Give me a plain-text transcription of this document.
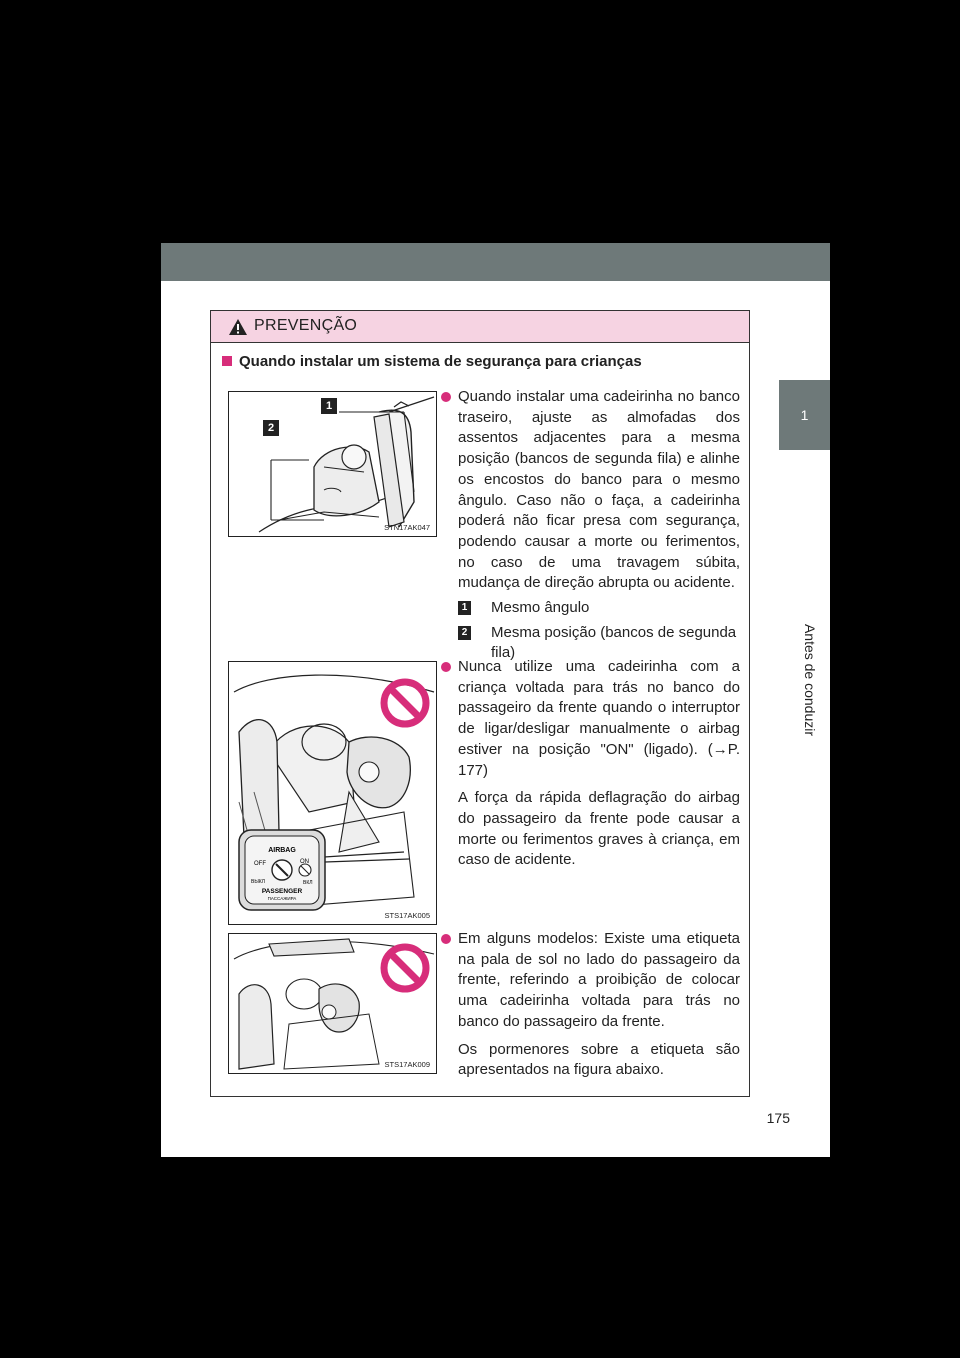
1
Antes de conduzir
PREVENÇÃO
Quando instalar um sistema de segurança para crianças
1
2
STN17AK047
AIRBAG
OFF	ON
ВЫКЛ	ВКЛ
PASSENGER
ПАССАЖИРА
STS17AK005
STS17AK009
Quando instalar uma cadeirinha no banco traseiro, ajuste as almofadas dos assentos adjacentes para a mesma posição (bancos de segunda fila) e alinhe os encostos do banco para o mesmo ângulo. Caso não o faça, a cadeirinha poderá não ficar presa com segurança, podendo causar a morte ou ferimentos, no caso de uma travagem súbita, mudança de direção abrupta ou acidente.
1	Mesmo ângulo
2	Mesma posição (bancos de segunda fila)
Nunca utilize uma cadeirinha com a criança voltada para trás no banco do passageiro da frente quando o interruptor de ligar/desligar manualmente o airbag estiver na posição "ON" (ligado). (→P. 177)
A força da rápida deflagração do airbag do passageiro da frente pode causar a morte ou ferimentos graves à criança, em caso de acidente.
Em alguns modelos: Existe uma etiqueta na pala de sol no lado do passageiro da frente, referindo a proibição de colocar uma cadeirinha voltada para trás no banco do passageiro da frente.
Os pormenores sobre a etiqueta são apresentados na figura abaixo.
175
